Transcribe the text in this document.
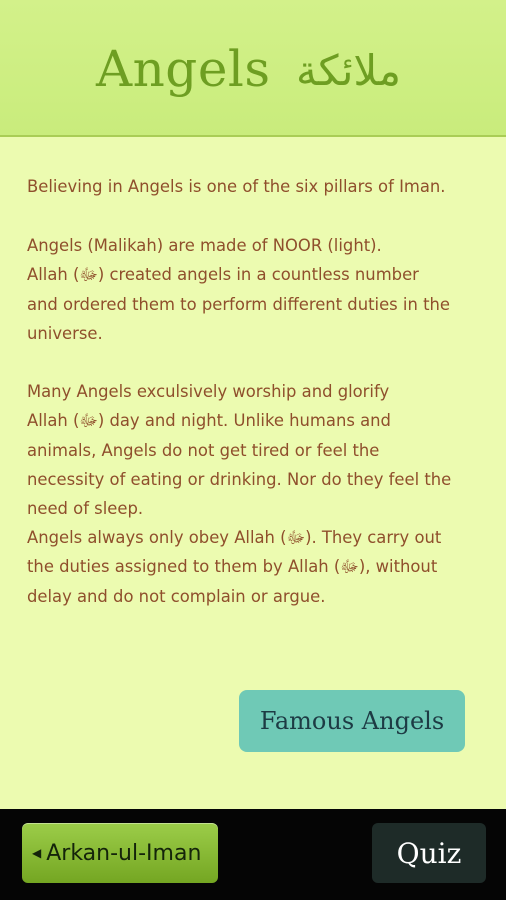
Angels ملائكة

Believing in Angels is one of the six pillars of Iman.

Angels (Malikah) are made of NOOR (light).
Allah (ﷻ) created angels in a countless number
and ordered them to perform different duties in the
universe.

Many Angels exculsively worship and glorify
Allah (ﷻ) day and night. Unlike humans and
animals, Angels do not get tired or feel the
necessity of eating or drinking. Nor do they feel the
need of sleep.

Angels always only obey Allah (ﷻ). They carry out
the duties assigned to them by Allah (ﷻ), without
delay and do not complain or argue.

Famous Angels
◀ Arkan-ul-Iman	Quiz
